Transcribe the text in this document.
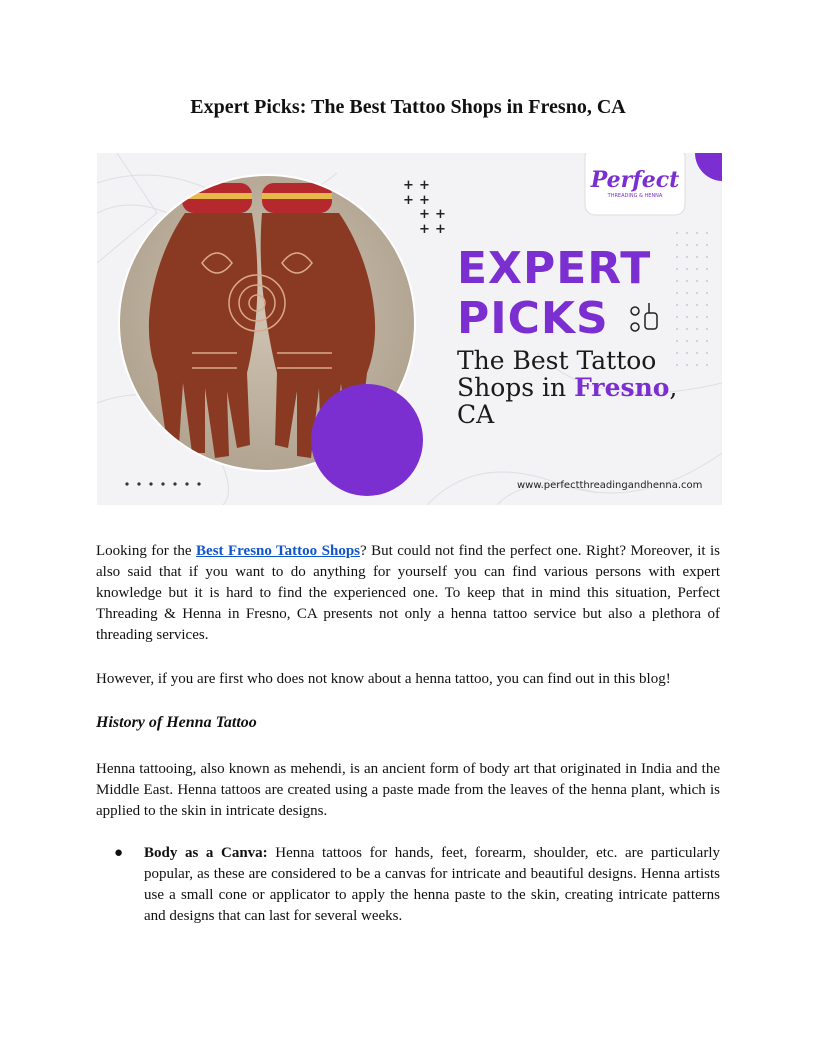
Expert Picks: The Best Tattoo Shops in Fresno, CA
+ +
+ +
+ +
+ +
Perfect
THREADING & HENNA
EXPERT
PICKS
The Best Tattoo
Shops in Fresno,
CA
www.perfectthreadingandhenna.com

Looking for the Best Fresno Tattoo Shops? But could not find the perfect one. Right? Moreover, it is also said that if you want to do anything for yourself you can find various persons with expert knowledge but it is hard to find the experienced one. To keep that in mind this situation, Perfect Threading & Henna in Fresno, CA presents not only a henna tattoo service but also a plethora of threading services.

However, if you are first who does not know about a henna tattoo, you can find out in this blog!

History of Henna Tattoo

Henna tattooing, also known as mehendi, is an ancient form of body art that originated in India and the Middle East. Henna tattoos are created using a paste made from the leaves of the henna plant, which is applied to the skin in intricate designs.

● Body as a Canva: Henna tattoos for hands, feet, forearm, shoulder, etc. are particularly popular, as these are considered to be a canvas for intricate and beautiful designs. Henna artists use a small cone or applicator to apply the henna paste to the skin, creating intricate patterns and designs that can last for several weeks.
